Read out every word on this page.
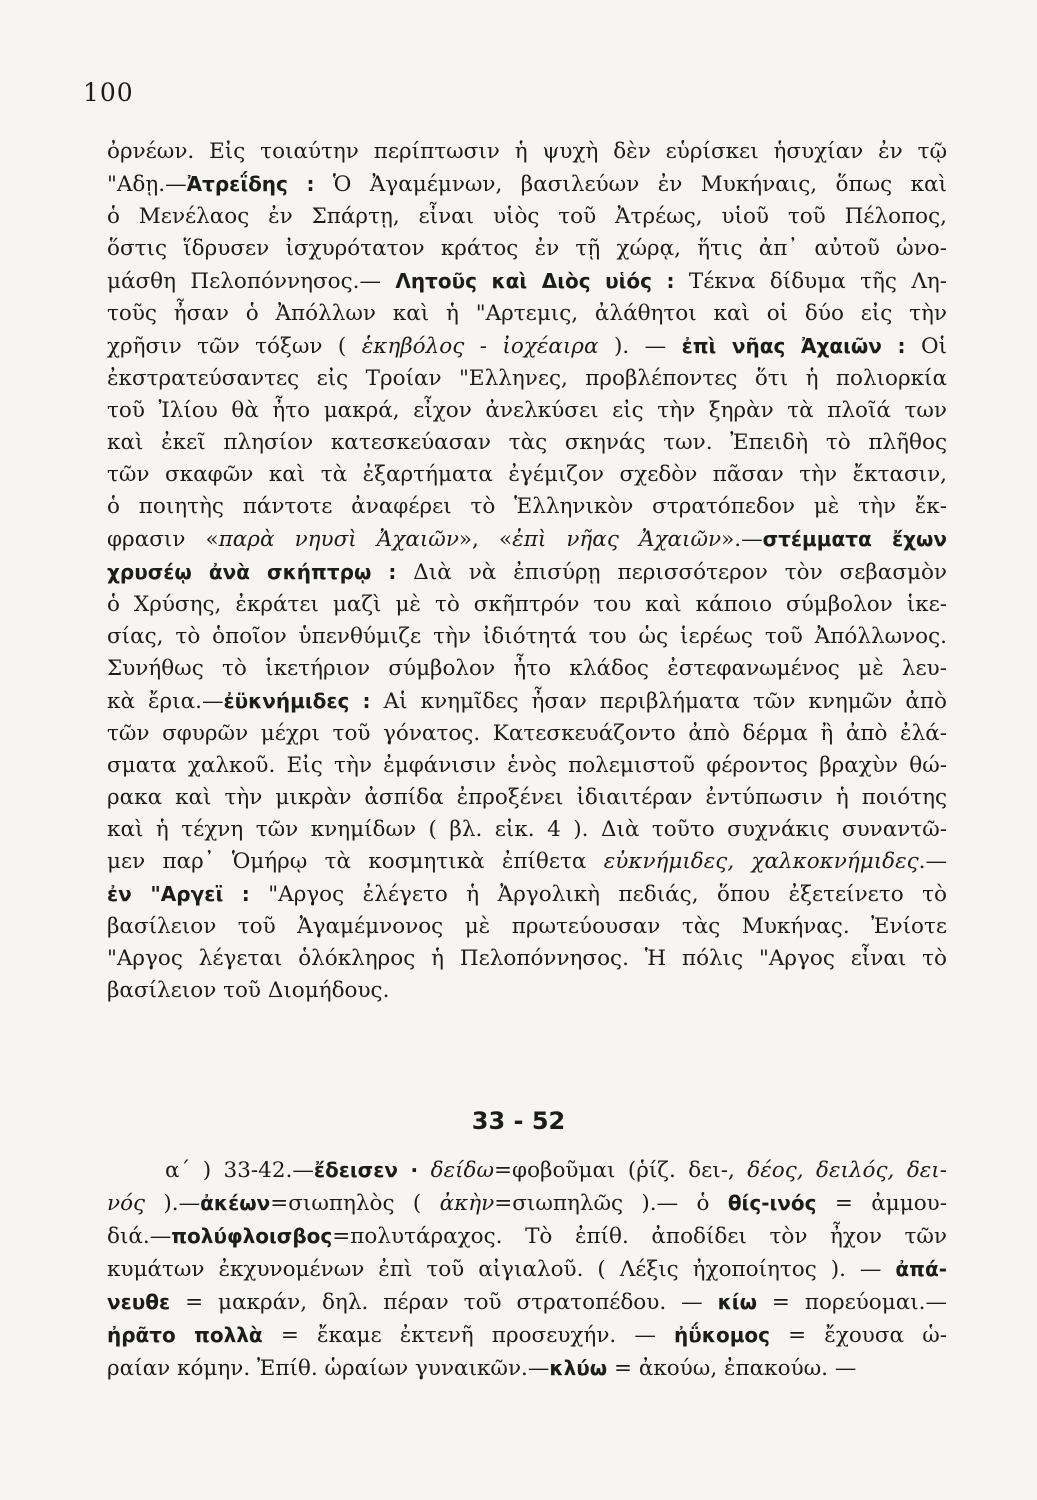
100
ὀρνέων. Εἰς τοιαύτην περίπτωσιν ἡ ψυχὴ δὲν εὑρίσκει ἡσυχίαν ἐν τῷ
"Αδῃ.—Ἀτρεΐδης : Ὁ Ἀγαμέμνων, βασιλεύων ἐν Μυκήναις, ὅπως καὶ
ὁ Μενέλαος ἐν Σπάρτῃ, εἶναι υἱὸς τοῦ Ἀτρέως, υἱοῦ τοῦ Πέλοπος,
ὅστις ἵδρυσεν ἰσχυρότατον κράτος ἐν τῇ χώρᾳ, ἥτις ἀπ᾽ αὐτοῦ ὠνο-
μάσθη Πελοπόννησος.— Λητοῦς καὶ Διὸς υἱός : Τέκνα δίδυμα τῆς Λη-
τοῦς ἦσαν ὁ Ἀπόλλων καὶ ἡ "Αρτεμις, ἀλάθητοι καὶ οἱ δύο εἰς τὴν
χρῆσιν τῶν τόξων ( ἑκηβόλος - ἰοχέαιρα ). — ἐπὶ νῆας Ἀχαιῶν : Οἱ
ἐκστρατεύσαντες εἰς Τροίαν "Ελληνες, προβλέποντες ὅτι ἡ πολιορκία
τοῦ Ἰλίου θὰ ἦτο μακρά, εἶχον ἀνελκύσει εἰς τὴν ξηρὰν τὰ πλοῖά των
καὶ ἐκεῖ πλησίον κατεσκεύασαν τὰς σκηνάς των. Ἐπειδὴ τὸ πλῆθος
τῶν σκαφῶν καὶ τὰ ἐξαρτήματα ἐγέμιζον σχεδὸν πᾶσαν τὴν ἔκτασιν,
ὁ ποιητὴς πάντοτε ἀναφέρει τὸ Ἑλληνικὸν στρατόπεδον μὲ τὴν ἔκ-
φρασιν «παρὰ νηυσὶ Ἀχαιῶν», «ἐπὶ νῆας Ἀχαιῶν».—στέμματα ἔχων
χρυσέῳ ἀνὰ σκήπτρῳ : Διὰ νὰ ἐπισύρῃ περισσότερον τὸν σεβασμὸν
ὁ Χρύσης, ἐκράτει μαζὶ μὲ τὸ σκῆπτρόν του καὶ κάποιο σύμβολον ἱκε-
σίας, τὸ ὁποῖον ὑπενθύμιζε τὴν ἰδιότητά του ὡς ἱερέως τοῦ Ἀπόλλωνος.
Συνήθως τὸ ἱκετήριον σύμβολον ἦτο κλάδος ἐστεφανωμένος μὲ λευ-
κὰ ἔρια.—ἐϋκνήμιδες : Αἱ κνημῖδες ἦσαν περιβλήματα τῶν κνημῶν ἀπὸ
τῶν σφυρῶν μέχρι τοῦ γόνατος. Κατεσκευάζοντο ἀπὸ δέρμα ἢ ἀπὸ ἐλά-
σματα χαλκοῦ. Εἰς τὴν ἐμφάνισιν ἑνὸς πολεμιστοῦ φέροντος βραχὺν θώ-
ρακα καὶ τὴν μικρὰν ἀσπίδα ἐπροξένει ἰδιαιτέραν ἐντύπωσιν ἡ ποιότης
καὶ ἡ τέχνη τῶν κνημίδων ( βλ. εἰκ. 4 ). Διὰ τοῦτο συχνάκις συναντῶ-
μεν παρ᾽ Ὁμήρῳ τὰ κοσμητικὰ ἐπίθετα εὐκνήμιδες, χαλκοκνήμιδες.—
ἐν "Αργεϊ : "Αργος ἐλέγετο ἡ Ἀργολικὴ πεδιάς, ὅπου ἐξετείνετο τὸ
βασίλειον τοῦ Ἀγαμέμνονος μὲ πρωτεύουσαν τὰς Μυκήνας. Ἐνίοτε
"Αργος λέγεται ὁλόκληρος ἡ Πελοπόννησος. Ἡ πόλις "Αργος εἶναι τὸ
βασίλειον τοῦ Διομήδους.
33 - 52
α΄ ) 33-42.—ἔδεισεν · δείδω=φοβοῦμαι (ῥίζ. δει-, δέος, δειλός, δει-
νός ).—ἀκέων=σιωπηλὸς ( ἀκὴν=σιωπηλῶς ).— ὁ θίς-ινός = ἀμμου-
διά.—πολύφλοισβος=πολυτάραχος. Τὸ ἐπίθ. ἀποδίδει τὸν ἦχον τῶν
κυμάτων ἐκχυνομένων ἐπὶ τοῦ αἰγιαλοῦ. ( Λέξις ἠχοποίητος ). — ἀπά-
νευθε = μακράν, δηλ. πέραν τοῦ στρατοπέδου. — κίω = πορεύομαι.—
ἠρᾶτο πολλὰ = ἔκαμε ἐκτενῆ προσευχήν. — ἠΰκομος = ἔχουσα ὡ-
ραίαν κόμην. Ἐπίθ. ὡραίων γυναικῶν.—κλύω = ἀκούω, ἐπακούω. —
